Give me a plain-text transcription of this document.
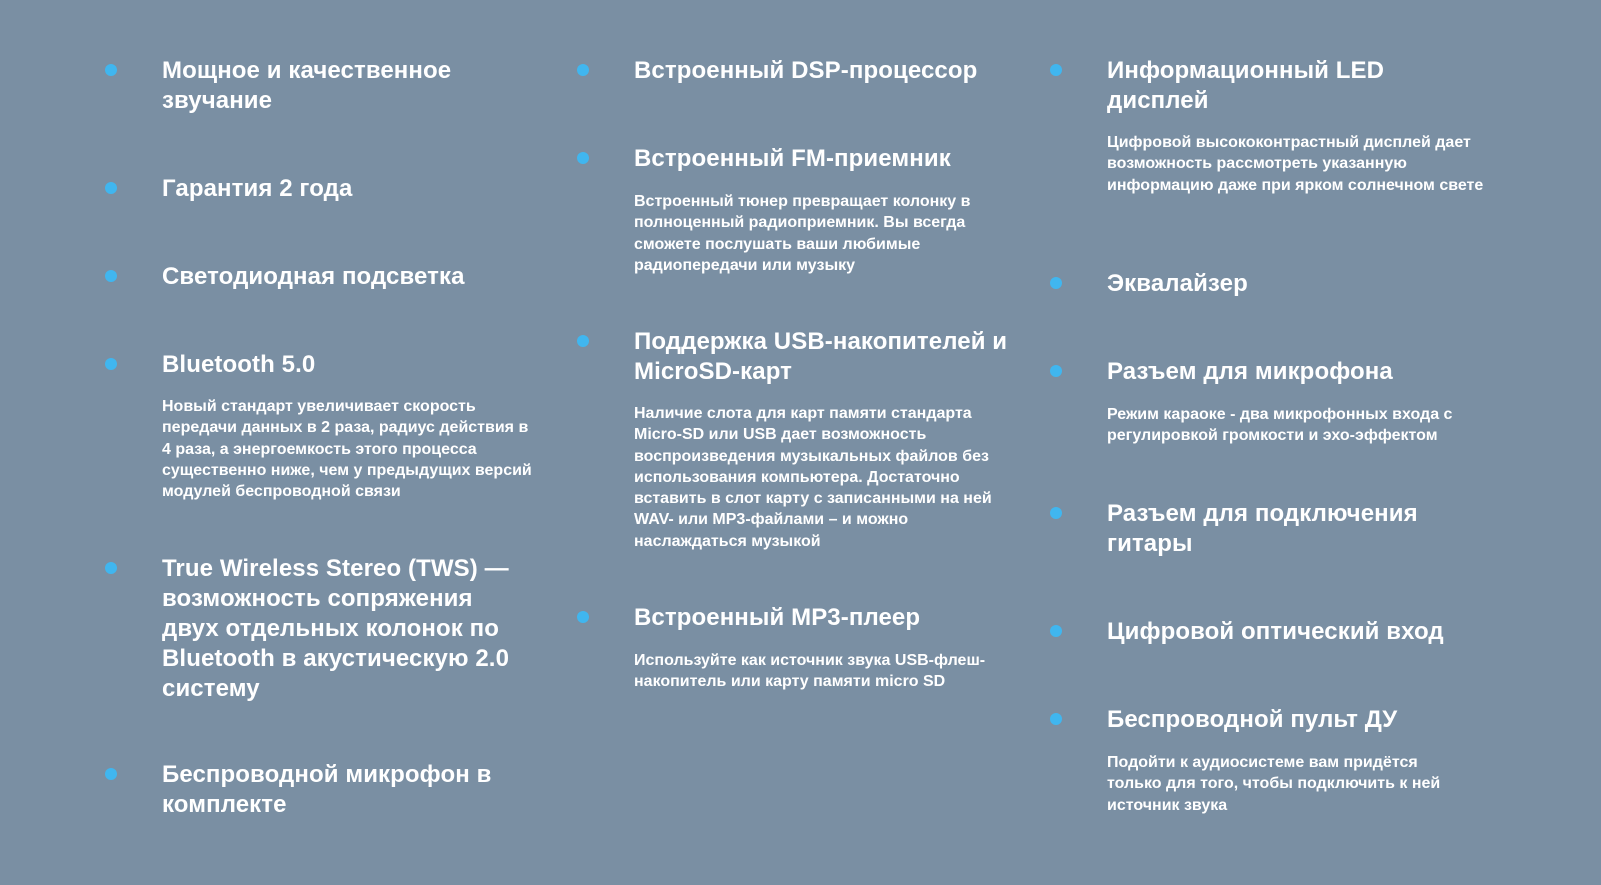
Мощное и качественное звучание
Гарантия 2 года
Светодиодная подсветка
Bluetooth 5.0

Новый стандарт увеличивает скорость передачи данных в 2 раза, радиус действия в 4 раза, а энергоемкость этого процесса существенно ниже, чем у предыдущих версий модулей беспроводной связи

True Wireless Stereo (TWS) — возможность сопряжения двух отдельных колонок по Bluetooth в акустическую 2.0 систему
Беспроводной микрофон в комплекте
Встроенный DSP-процессор
Встроенный FM-приемник

Встроенный тюнер превращает колонку в полноценный радиоприемник. Вы всегда сможете послушать ваши любимые радиопередачи или музыку

Поддержка USB-накопителей и MicroSD-карт

Наличие слота для карт памяти стандарта Micro-SD или USB дает возможность воспроизведения музыкальных файлов без использования компьютера. Достаточно вставить в слот карту с записанными на ней WAV- или MP3-файлами – и можно наслаждаться музыкой

Встроенный MP3-плеер

Используйте как источник звука USB-флеш-накопитель или карту памяти micro SD

Информационный LED дисплей

Цифровой высококонтрастный дисплей дает возможность рассмотреть указанную информацию даже при ярком солнечном свете

Эквалайзер
Разъем для микрофона

Режим караоке - два микрофонных входа с регулировкой громкости и эхо-эффектом

Разъем для подключения гитары
Цифровой оптический вход
Беспроводной пульт ДУ

Подойти к аудиосистеме вам придётся только для того, чтобы подключить к ней источник звука
